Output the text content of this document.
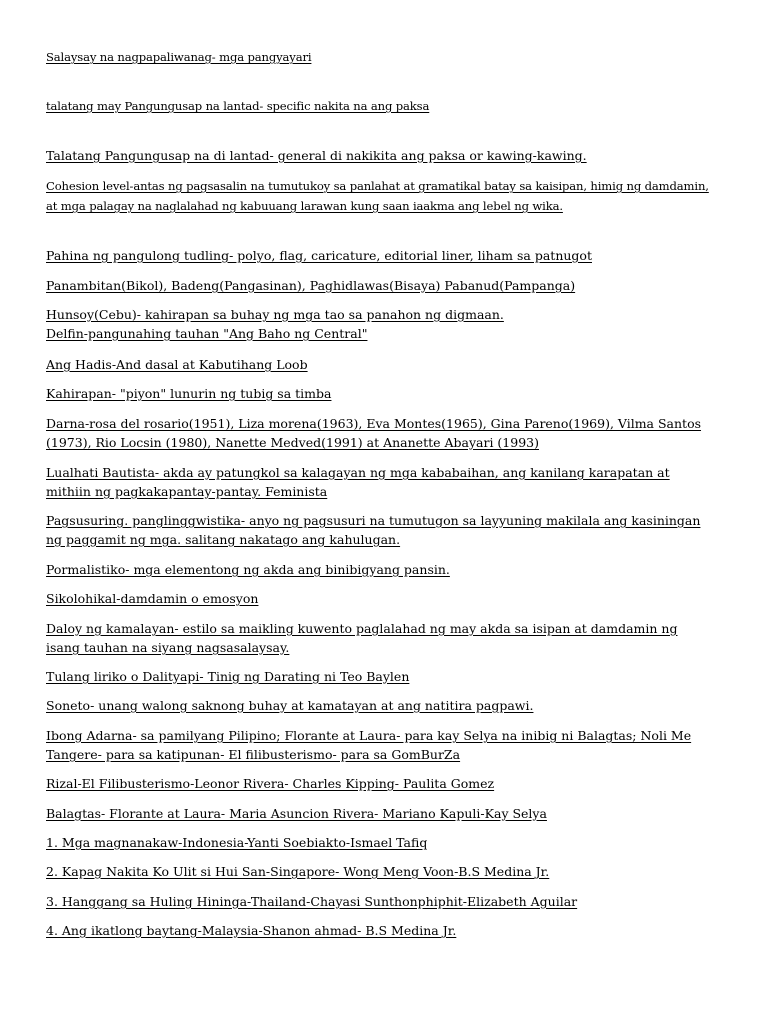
Salaysay na nagpapaliwanag- mga pangyayari
talatang may Pangungusap na lantad- specific nakita na ang paksa
Talatang Pangungusap na di lantad- general di nakikita ang paksa or kawing-kawing.
Cohesion level-antas ng pagsasalin na tumutukoy sa panlahat at gramatikal batay sa kaisipan, himig ng damdamin,
at mga palagay na naglalahad ng kabuuang larawan kung saan iaakma ang lebel ng wika.
Pahina ng pangulong tudling- polyo, flag, caricature, editorial liner, liham sa patnugot
Panambitan(Bikol), Badeng(Pangasinan), Paghidlawas(Bisaya) Pabanud(Pampanga)
Hunsoy(Cebu)- kahirapan sa buhay ng mga tao sa panahon ng digmaan.
Delfin-pangunahing tauhan "Ang Baho ng Central"
Ang Hadis-And dasal at Kabutihang Loob
Kahirapan- "piyon" lunurin ng tubig sa timba
Darna-rosa del rosario(1951), Liza morena(1963), Eva Montes(1965), Gina Pareno(1969), Vilma Santos
(1973), Rio Locsin (1980), Nanette Medved(1991) at Ananette Abayari (1993)
Lualhati Bautista- akda ay patungkol sa kalagayan ng mga kababaihan, ang kanilang karapatan at
mithiin ng pagkakapantay-pantay. Feminista
Pagsusuring. panglinggwistika- anyo ng pagsusuri na tumutugon sa layyuning makilala ang kasiningan
ng paggamit ng mga. salitang nakatago ang kahulugan.
Pormalistiko- mga elementong ng akda ang binibigyang pansin.
Sikolohikal-damdamin o emosyon
Daloy ng kamalayan- estilo sa maikling kuwento paglalahad ng may akda sa isipan at damdamin ng
isang tauhan na siyang nagsasalaysay.
Tulang liriko o Dalityapi- Tinig ng Darating ni Teo Baylen
Soneto- unang walong saknong buhay at kamatayan at ang natitira pagpawi.
Ibong Adarna- sa pamilyang Pilipino; Florante at Laura- para kay Selya na inibig ni Balagtas; Noli Me
Tangere- para sa katipunan- El filibusterismo- para sa GomBurZa
Rizal-El Filibusterismo-Leonor Rivera- Charles Kipping- Paulita Gomez
Balagtas- Florante at Laura- Maria Asuncion Rivera- Mariano Kapuli-Kay Selya
1. Mga magnanakaw-Indonesia-Yanti Soebiakto-Ismael Tafiq
2. Kapag Nakita Ko Ulit si Hui San-Singapore- Wong Meng Voon-B.S Medina Jr.
3. Hanggang sa Huling Hininga-Thailand-Chayasi Sunthonphiphit-Elizabeth Aguilar
4. Ang ikatlong baytang-Malaysia-Shanon ahmad- B.S Medina Jr.
